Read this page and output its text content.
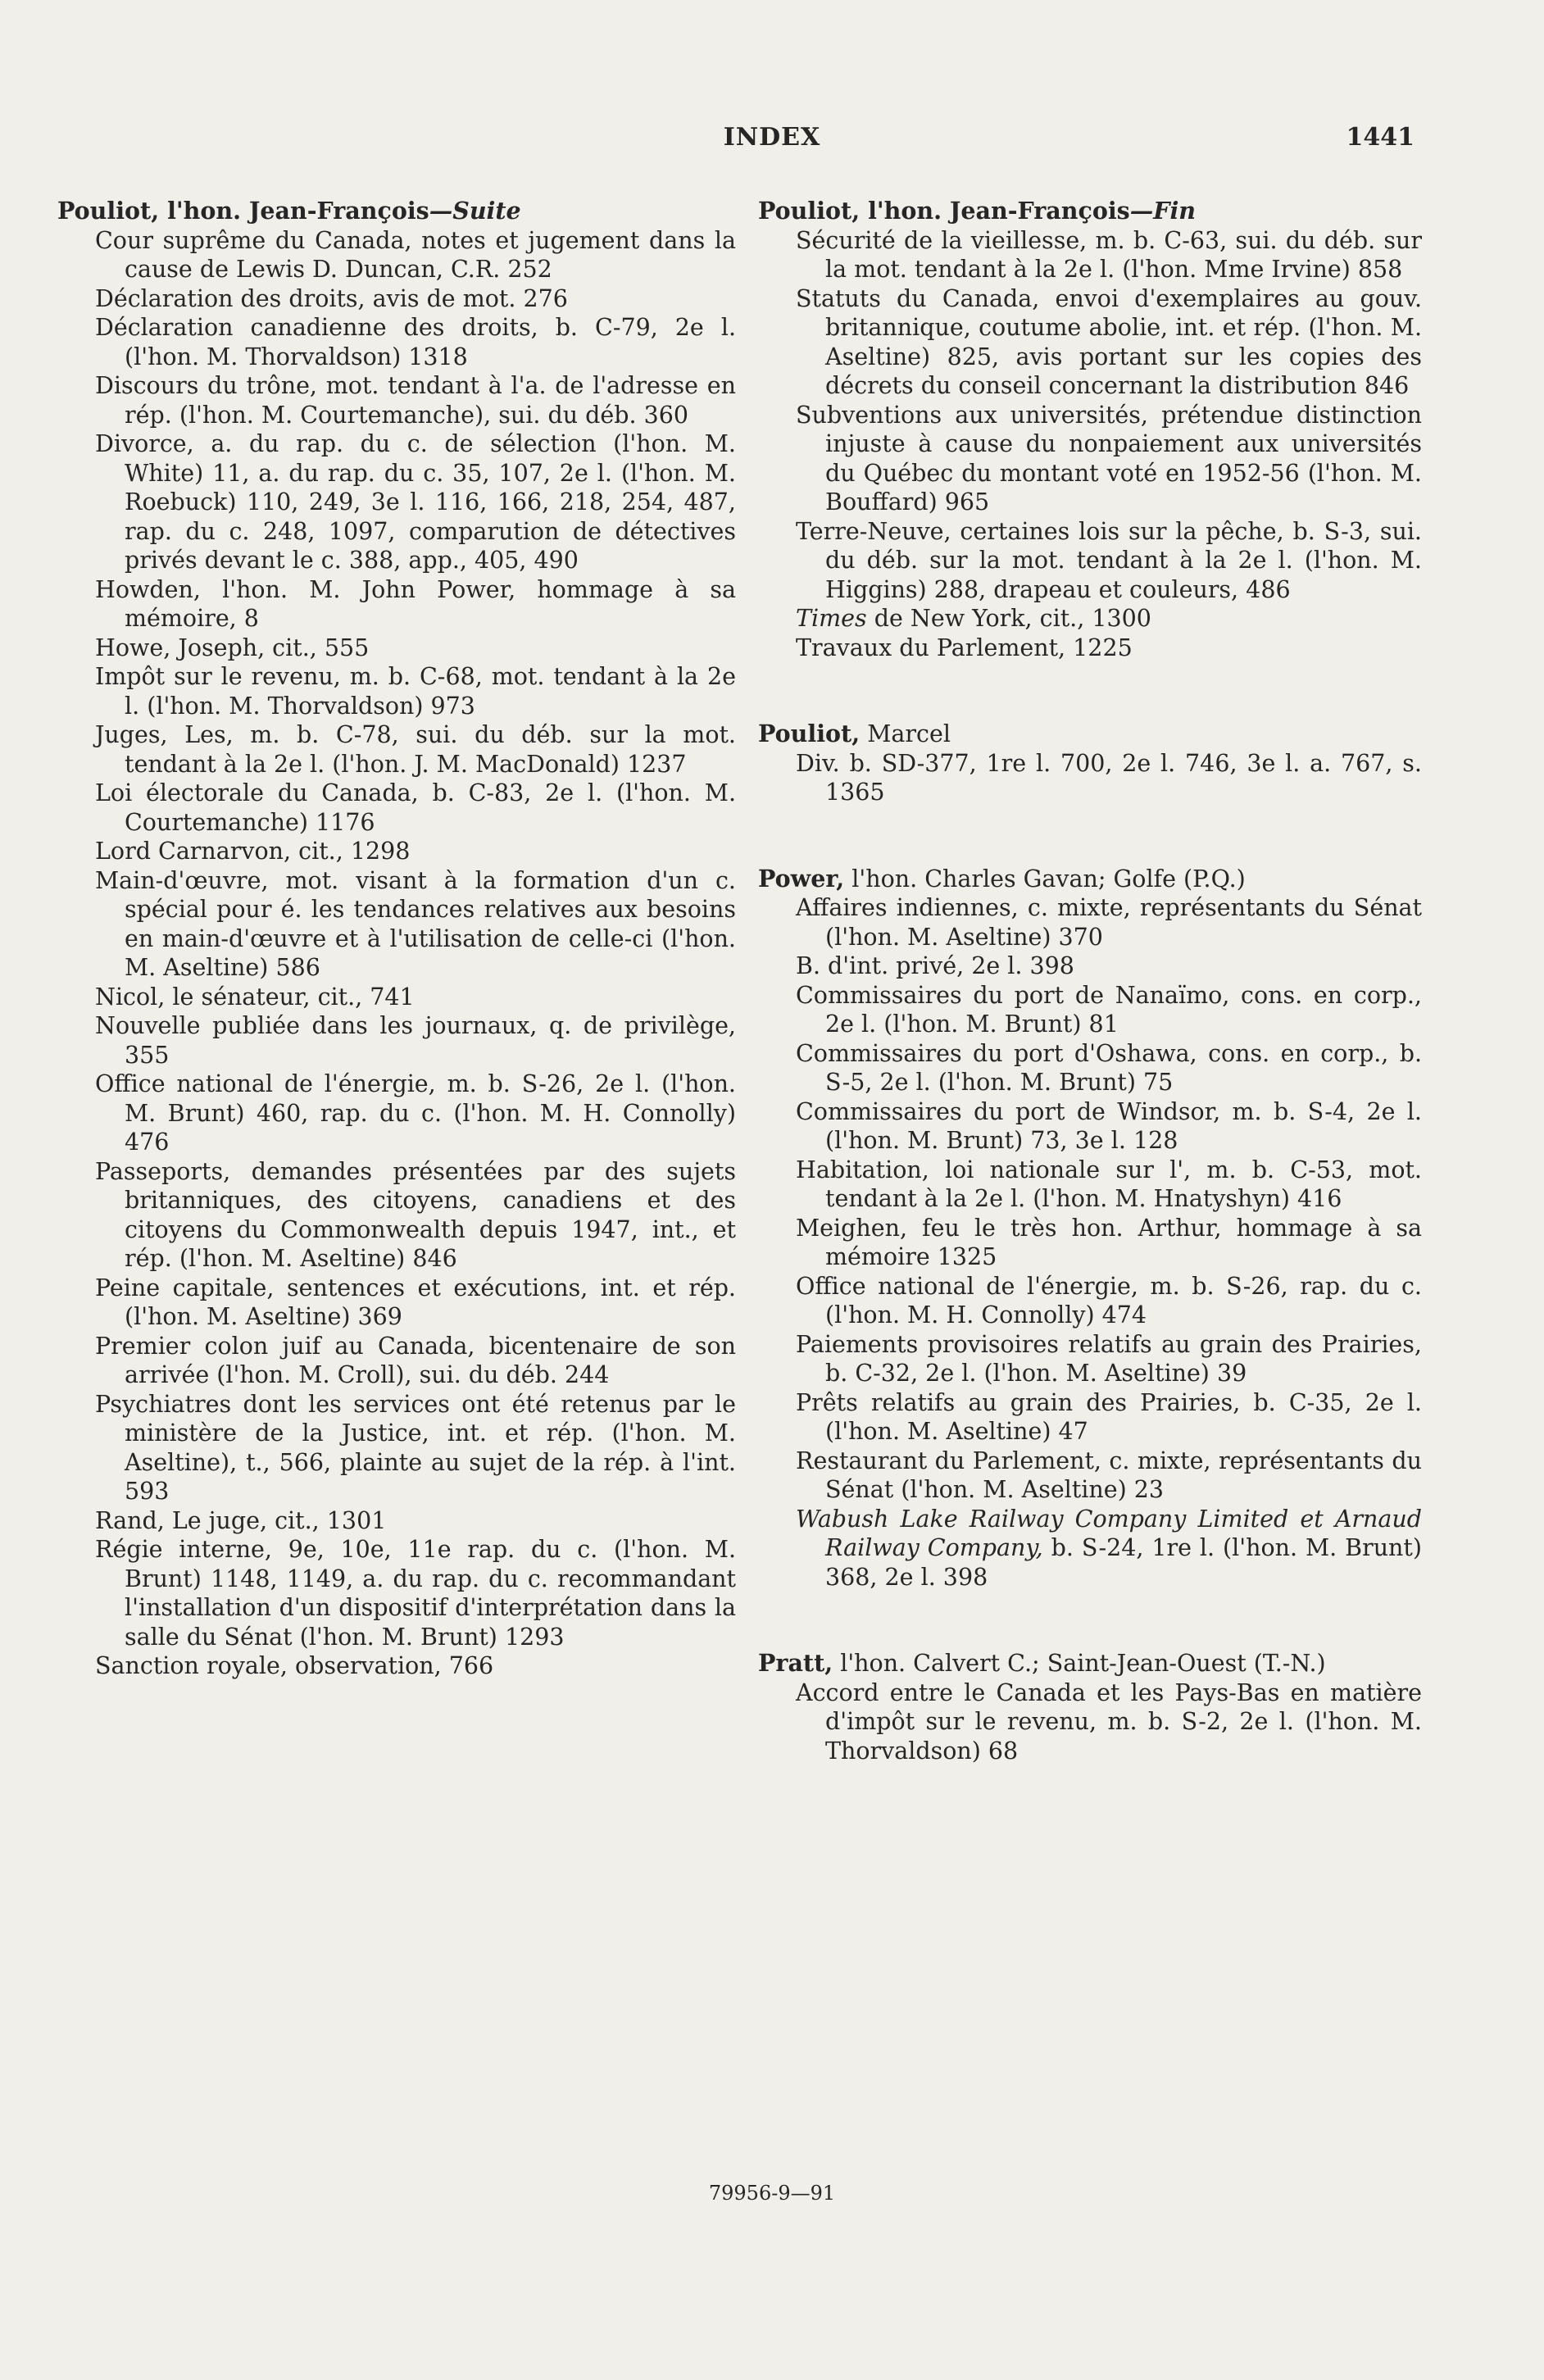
INDEX	1441
Pouliot, l'hon. Jean-François—Suite
Cour suprême du Canada, notes et jugement dans la cause de Lewis D. Duncan, C.R. 252
Déclaration des droits, avis de mot. 276
Déclaration canadienne des droits, b. C-79, 2e l. (l'hon. M. Thorvaldson) 1318
Discours du trône, mot. tendant à l'a. de l'adresse en rép. (l'hon. M. Courtemanche), sui. du déb. 360
Divorce, a. du rap. du c. de sélection (l'hon. M. White) 11, a. du rap. du c. 35, 107, 2e l. (l'hon. M. Roebuck) 110, 249, 3e l. 116, 166, 218, 254, 487, rap. du c. 248, 1097, comparution de détectives privés devant le c. 388, app., 405, 490
Howden, l'hon. M. John Power, hommage à sa mémoire, 8
Howe, Joseph, cit., 555
Impôt sur le revenu, m. b. C-68, mot. tendant à la 2e l. (l'hon. M. Thorvaldson) 973
Juges, Les, m. b. C-78, sui. du déb. sur la mot. tendant à la 2e l. (l'hon. J. M. MacDonald) 1237
Loi électorale du Canada, b. C-83, 2e l. (l'hon. M. Courtemanche) 1176
Lord Carnarvon, cit., 1298
Main-d'œuvre, mot. visant à la formation d'un c. spécial pour é. les tendances relatives aux besoins en main-d'œuvre et à l'utilisation de celle-ci (l'hon. M. Aseltine) 586
Nicol, le sénateur, cit., 741
Nouvelle publiée dans les journaux, q. de privilège, 355
Office national de l'énergie, m. b. S-26, 2e l. (l'hon. M. Brunt) 460, rap. du c. (l'hon. M. H. Connolly) 476
Passeports, demandes présentées par des sujets britanniques, des citoyens, canadiens et des citoyens du Commonwealth depuis 1947, int., et rép. (l'hon. M. Aseltine) 846
Peine capitale, sentences et exécutions, int. et rép. (l'hon. M. Aseltine) 369
Premier colon juif au Canada, bicentenaire de son arrivée (l'hon. M. Croll), sui. du déb. 244
Psychiatres dont les services ont été retenus par le ministère de la Justice, int. et rép. (l'hon. M. Aseltine), t., 566, plainte au sujet de la rép. à l'int. 593
Rand, Le juge, cit., 1301
Régie interne, 9e, 10e, 11e rap. du c. (l'hon. M. Brunt) 1148, 1149, a. du rap. du c. recommandant l'installation d'un dispositif d'interprétation dans la salle du Sénat (l'hon. M. Brunt) 1293
Sanction royale, observation, 766
Pouliot, l'hon. Jean-François—Fin
Sécurité de la vieillesse, m. b. C-63, sui. du déb. sur la mot. tendant à la 2e l. (l'hon. Mme Irvine) 858
Statuts du Canada, envoi d'exemplaires au gouv. britannique, coutume abolie, int. et rép. (l'hon. M. Aseltine) 825, avis portant sur les copies des décrets du conseil concernant la distribution 846
Subventions aux universités, prétendue distinction injuste à cause du nonpaiement aux universités du Québec du montant voté en 1952-56 (l'hon. M. Bouffard) 965
Terre-Neuve, certaines lois sur la pêche, b. S-3, sui. du déb. sur la mot. tendant à la 2e l. (l'hon. M. Higgins) 288, drapeau et couleurs, 486
Times de New York, cit., 1300
Travaux du Parlement, 1225
Pouliot, Marcel
Div. b. SD-377, 1re l. 700, 2e l. 746, 3e l. a. 767, s. 1365
Power, l'hon. Charles Gavan; Golfe (P.Q.)
Affaires indiennes, c. mixte, représentants du Sénat (l'hon. M. Aseltine) 370
B. d'int. privé, 2e l. 398
Commissaires du port de Nanaïmo, cons. en corp., 2e l. (l'hon. M. Brunt) 81
Commissaires du port d'Oshawa, cons. en corp., b. S-5, 2e l. (l'hon. M. Brunt) 75
Commissaires du port de Windsor, m. b. S-4, 2e l. (l'hon. M. Brunt) 73, 3e l. 128
Habitation, loi nationale sur l', m. b. C-53, mot. tendant à la 2e l. (l'hon. M. Hnatyshyn) 416
Meighen, feu le très hon. Arthur, hommage à sa mémoire 1325
Office national de l'énergie, m. b. S-26, rap. du c. (l'hon. M. H. Connolly) 474
Paiements provisoires relatifs au grain des Prairies, b. C-32, 2e l. (l'hon. M. Aseltine) 39
Prêts relatifs au grain des Prairies, b. C-35, 2e l. (l'hon. M. Aseltine) 47
Restaurant du Parlement, c. mixte, représentants du Sénat (l'hon. M. Aseltine) 23
Wabush Lake Railway Company Limited et Arnaud Railway Company, b. S-24, 1re l. (l'hon. M. Brunt) 368, 2e l. 398
Pratt, l'hon. Calvert C.; Saint-Jean-Ouest (T.-N.)
Accord entre le Canada et les Pays-Bas en matière d'impôt sur le revenu, m. b. S-2, 2e l. (l'hon. M. Thorvaldson) 68
79956-9—91
